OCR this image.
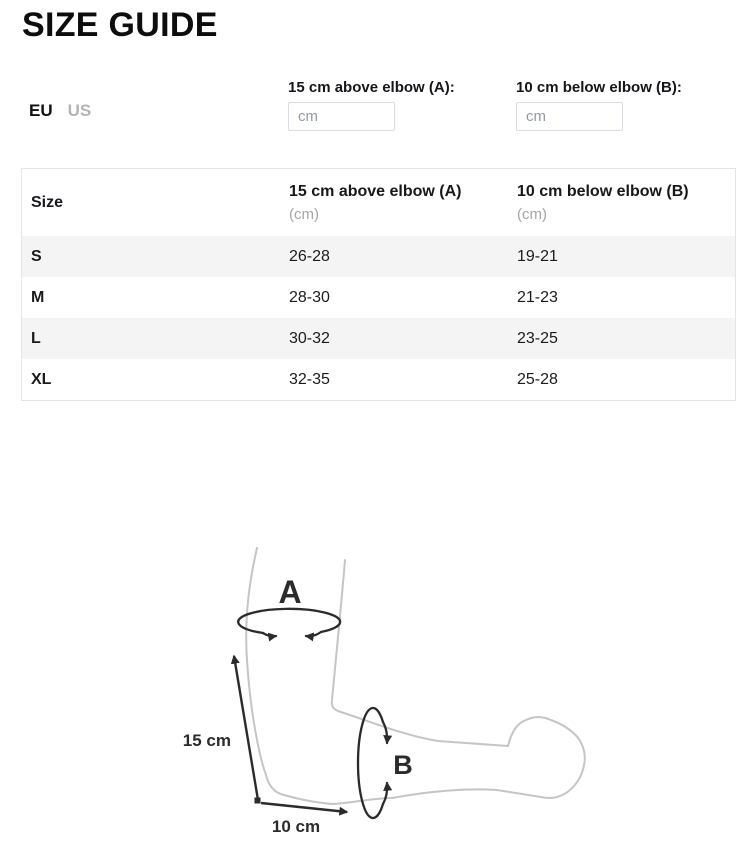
SIZE GUIDE
EU US
15 cm above elbow (A):
cm	10 cm below elbow (B):
cm
Size
15 cm above elbow (A)
(cm)
10 cm below elbow (B)
(cm)
S	26-28	19-21
M	28-30	21-23
L	30-32	23-25
XL	32-35	25-28
A
B
15 cm
10 cm
